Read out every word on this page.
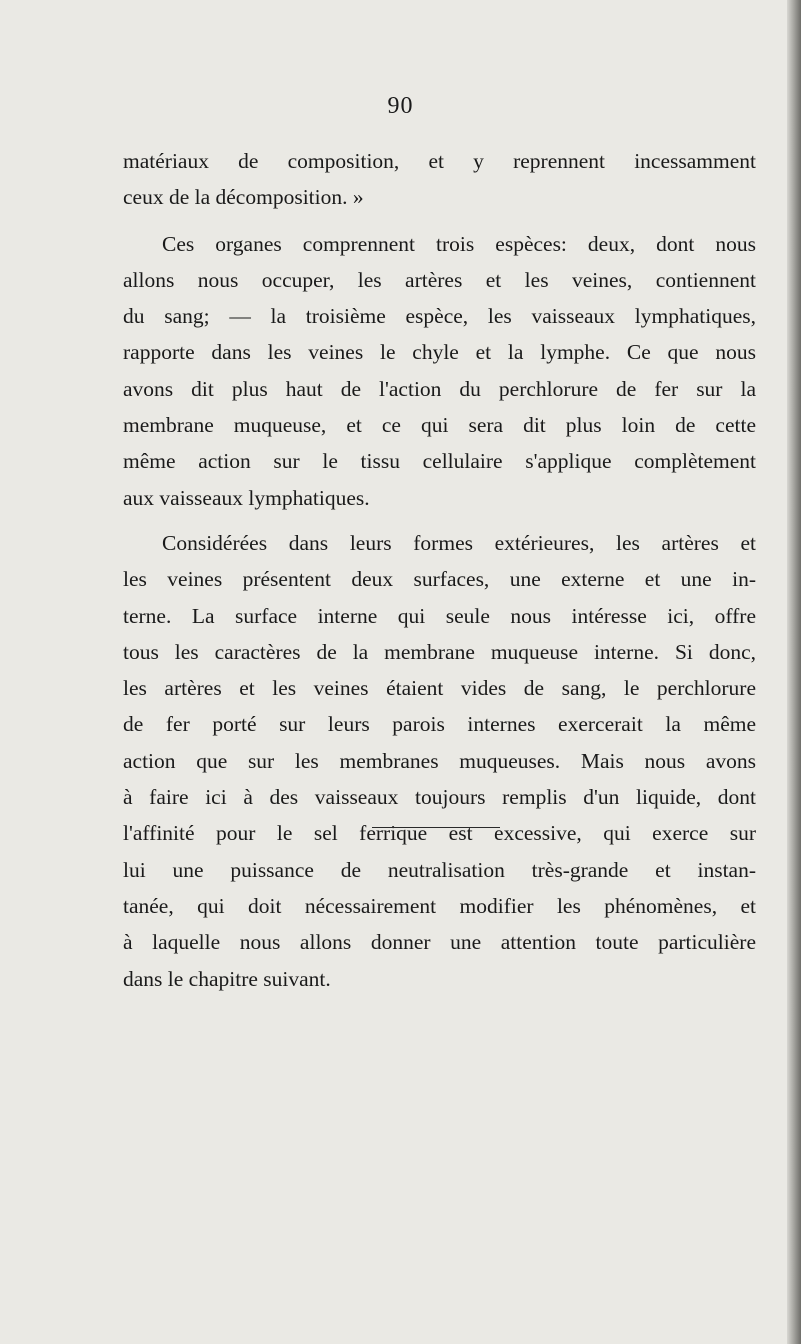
90

matériaux de composition, et y reprennent incessamment
ceux de la décomposition. »

Ces organes comprennent trois espèces: deux, dont nous
allons nous occuper, les artères et les veines, contiennent
du sang; — la troisième espèce, les vaisseaux lymphatiques,
rapporte dans les veines le chyle et la lymphe. Ce que nous
avons dit plus haut de l'action du perchlorure de fer sur la
membrane muqueuse, et ce qui sera dit plus loin de cette
même action sur le tissu cellulaire s'applique complètement
aux vaisseaux lymphatiques.

Considérées dans leurs formes extérieures, les artères et
les veines présentent deux surfaces, une externe et une in-
terne. La surface interne qui seule nous intéresse ici, offre
tous les caractères de la membrane muqueuse interne. Si donc,
les artères et les veines étaient vides de sang, le perchlorure
de fer porté sur leurs parois internes exercerait la même
action que sur les membranes muqueuses. Mais nous avons
à faire ici à des vaisseaux toujours remplis d'un liquide, dont
l'affinité pour le sel ferrique est excessive, qui exerce sur
lui une puissance de neutralisation très-grande et instan-
tanée, qui doit nécessairement modifier les phénomènes, et
à laquelle nous allons donner une attention toute particulière
dans le chapitre suivant.
